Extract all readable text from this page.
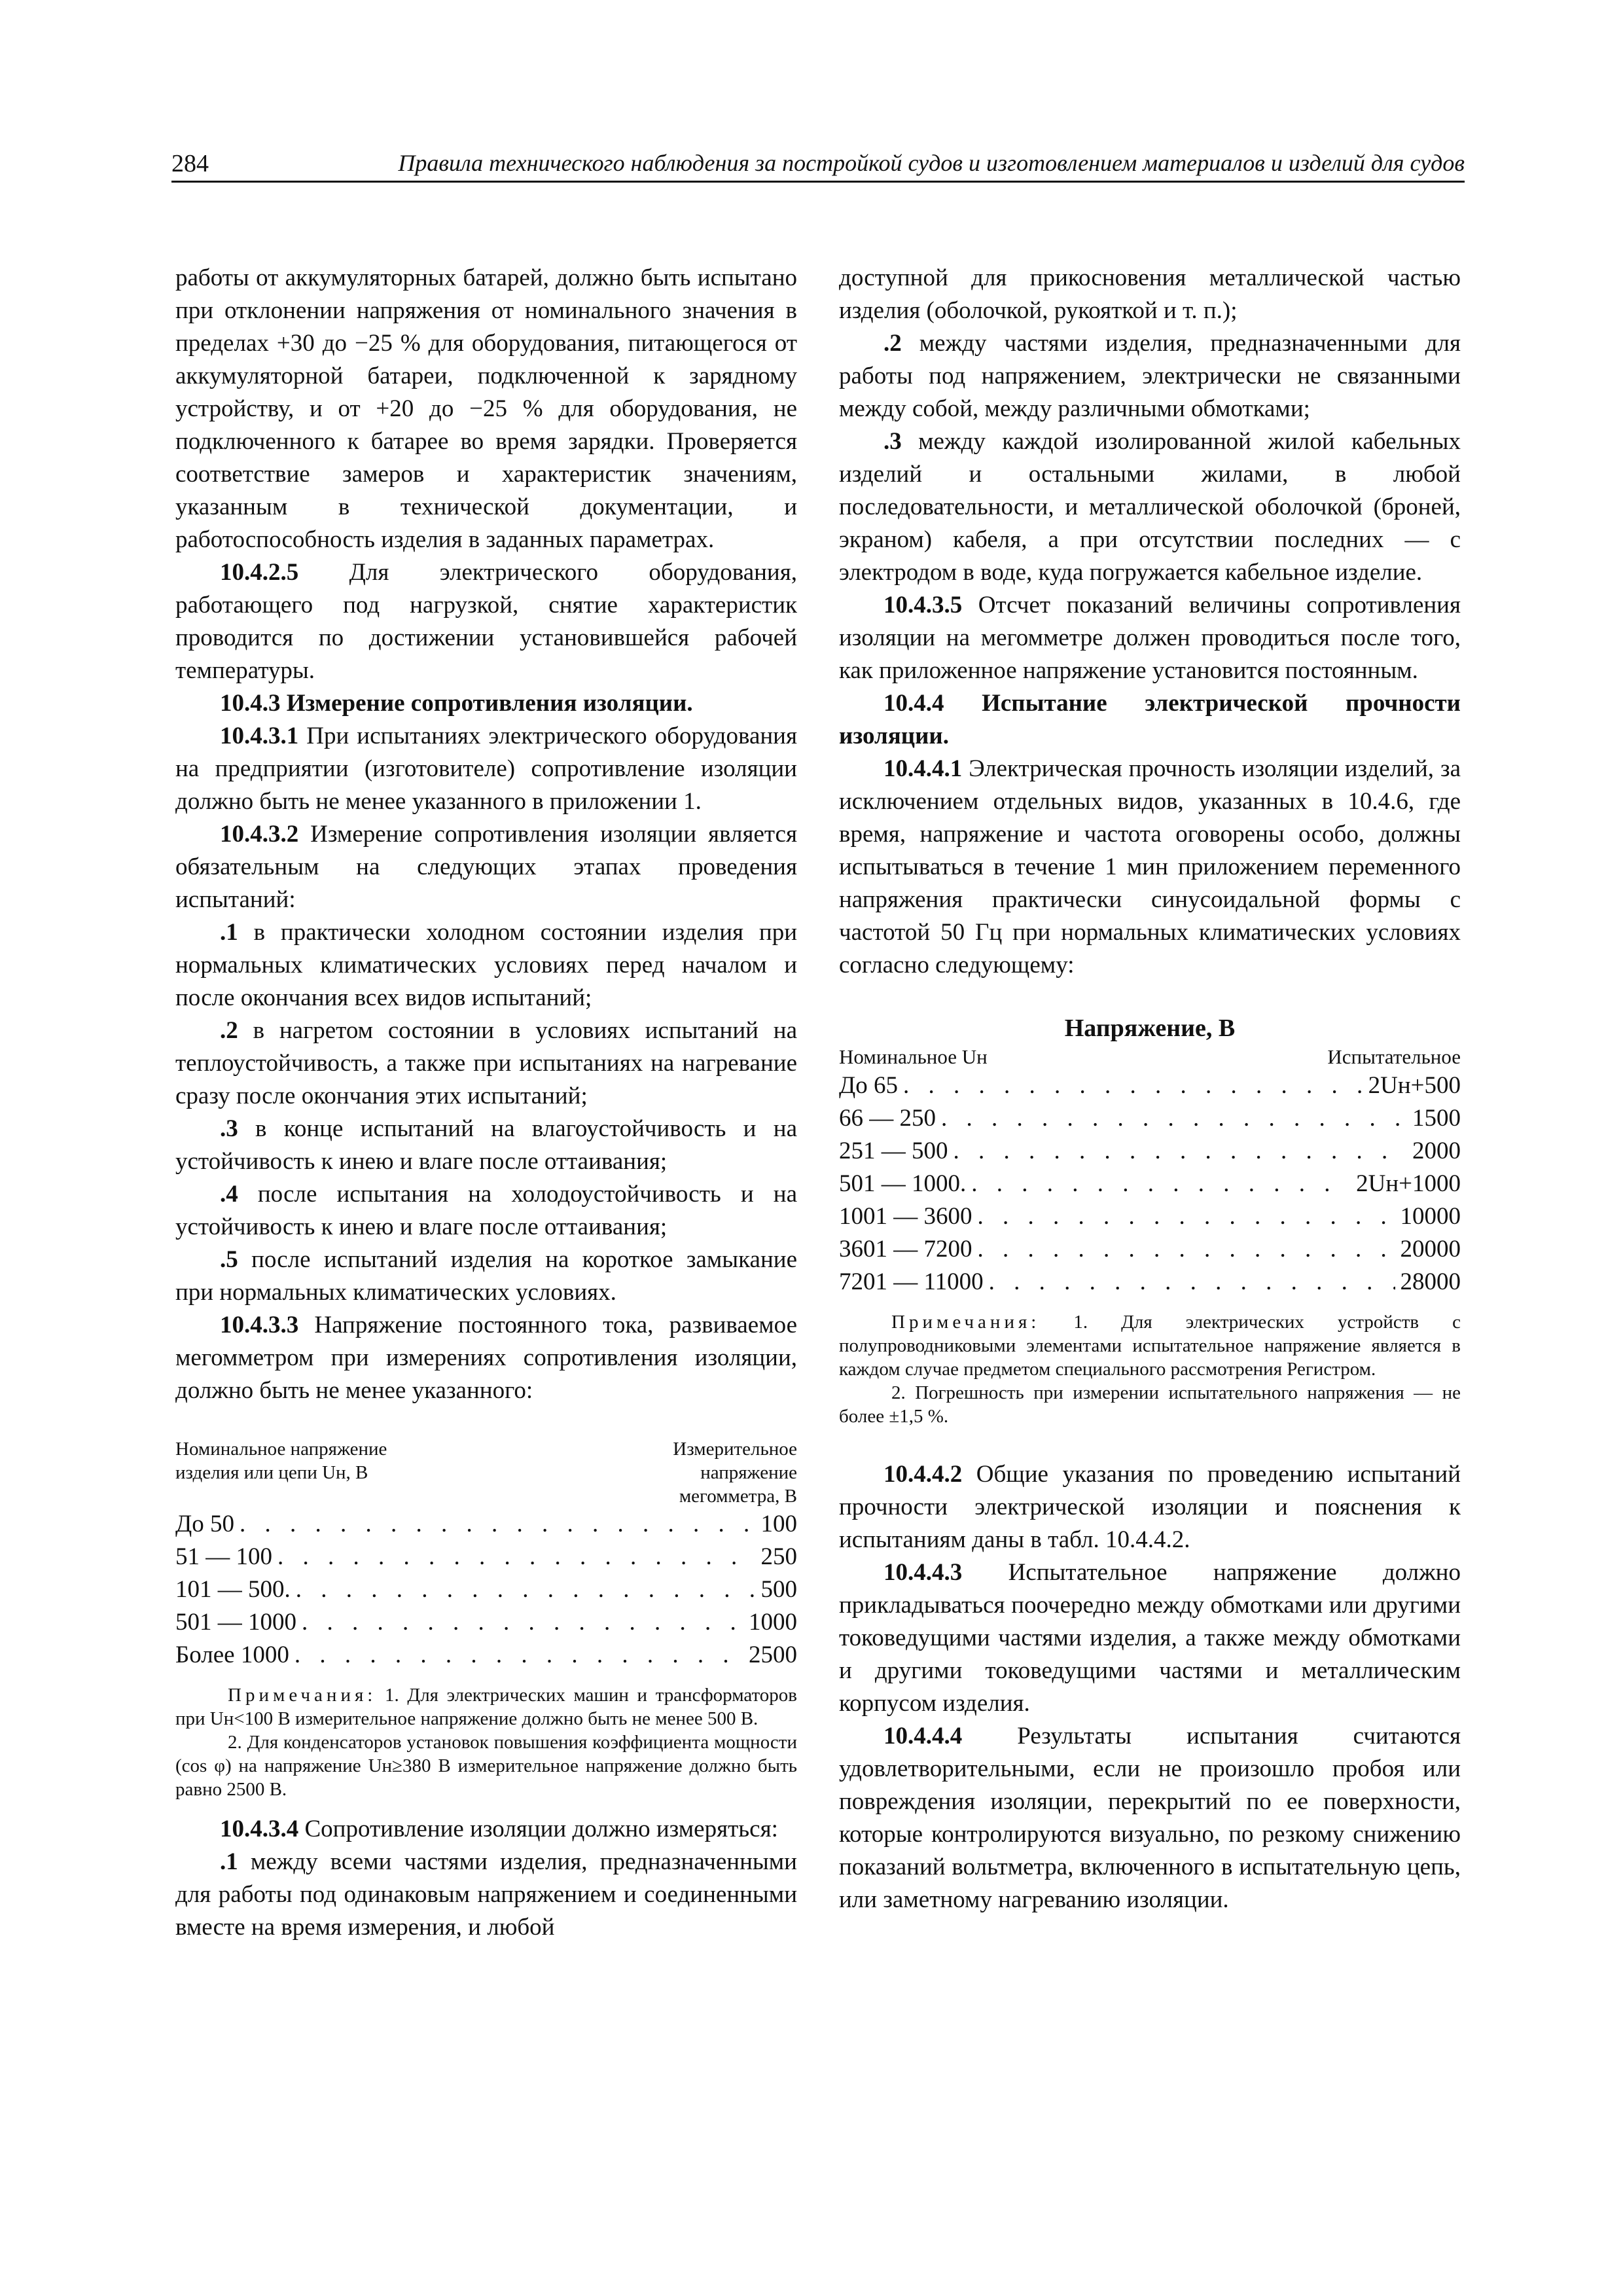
284	Правила технического наблюдения за постройкой судов и изготовлением материалов и изделий для судов

работы от аккумуляторных батарей, должно быть испытано при отклонении напряжения от номинального значения в пределах +30 до −25 % для оборудования, питающегося от аккумуляторной батареи, подключенной к зарядному устройству, и от +20 до −25 % для оборудования, не подключенного к батарее во время зарядки. Проверяется соответствие замеров и характеристик значениям, указанным в технической документации, и работоспособность изделия в заданных параметрах.

10.4.2.5 Для электрического оборудования, работающего под нагрузкой, снятие характеристик проводится по достижении установившейся рабочей температуры.

10.4.3 Измерение сопротивления изоляции.

10.4.3.1 При испытаниях электрического оборудования на предприятии (изготовителе) сопротивление изоляции должно быть не менее указанного в приложении 1.

10.4.3.2 Измерение сопротивления изоляции является обязательным на следующих этапах проведения испытаний:

.1 в практически холодном состоянии изделия при нормальных климатических условиях перед началом и после окончания всех видов испытаний;

.2 в нагретом состоянии в условиях испытаний на теплоустойчивость, а также при испытаниях на нагревание сразу после окончания этих испытаний;

.3 в конце испытаний на влагоустойчивость и на устойчивость к инею и влаге после оттаивания;

.4 после испытания на холодоустойчивость и на устойчивость к инею и влаге после оттаивания;

.5 после испытаний изделия на короткое замыкание при нормальных климатических условиях.

10.4.3.3 Напряжение постоянного тока, развиваемое мегомметром при измерениях сопротивления изоляции, должно быть не менее указанного:

Номинальное напряжение
изделия или цепи Uн, В
Измерительное
напряжение
мегомметра, В
До 50 . . .	100
51 — 100 . . .	250
101 — 500. . . .	500
501 — 1000 . . .	1000
Более 1000 . . .	2500
Примечания: 1. Для электрических машин и трансформаторов при Uн<100 В измерительное напряжение должно быть не менее 500 В.
2. Для конденсаторов установок повышения коэффициента мощности (cos φ) на напряжение Uн≥380 В измерительное напряжение должно быть равно 2500 В.

10.4.3.4 Сопротивление изоляции должно измеряться:

.1 между всеми частями изделия, предназначенными для работы под одинаковым напряжением и соединенными вместе на время измерения, и любой

доступной для прикосновения металлической частью изделия (оболочкой, рукояткой и т. п.);

.2 между частями изделия, предназначенными для работы под напряжением, электрически не связанными между собой, между различными обмотками;

.3 между каждой изолированной жилой кабельных изделий и остальными жилами, в любой последовательности, и металлической оболочкой (броней, экраном) кабеля, а при отсутствии последних — с электродом в воде, куда погружается кабельное изделие.

10.4.3.5 Отсчет показаний величины сопротивления изоляции на мегомметре должен проводиться после того, как приложенное напряжение установится постоянным.

10.4.4 Испытание электрической прочности изоляции.

10.4.4.1 Электрическая прочность изоляции изделий, за исключением отдельных видов, указанных в 10.4.6, где время, напряжение и частота оговорены особо, должны испытываться в течение 1 мин приложением переменного напряжения практически синусоидальной формы с частотой 50 Гц при нормальных климатических условиях согласно следующему:

Напряжение, В
Номинальное Uн	Испытательное
До 65 . . .	2Uн+500
66 — 250 . . .	1500
251 — 500 . . .	2000
501 — 1000. . . .	2Uн+1000
1001 — 3600 . . .	10000
3601 — 7200 . . .	20000
7201 — 11000 . . .	28000
Примечания: 1. Для электрических устройств с полупроводниковыми элементами испытательное напряжение является в каждом случае предметом специального рассмотрения Регистром.
2. Погрешность при измерении испытательного напряжения — не более ±1,5 %.

10.4.4.2 Общие указания по проведению испытаний прочности электрической изоляции и пояснения к испытаниям даны в табл. 10.4.4.2.

10.4.4.3 Испытательное напряжение должно прикладываться поочередно между обмотками или другими токоведущими частями изделия, а также между обмотками и другими токоведущими частями и металлическим корпусом изделия.

10.4.4.4 Результаты испытания считаются удовлетворительными, если не произошло пробоя или повреждения изоляции, перекрытий по ее поверхности, которые контролируются визуально, по резкому снижению показаний вольтметра, включенного в испытательную цепь, или заметному нагреванию изоляции.
